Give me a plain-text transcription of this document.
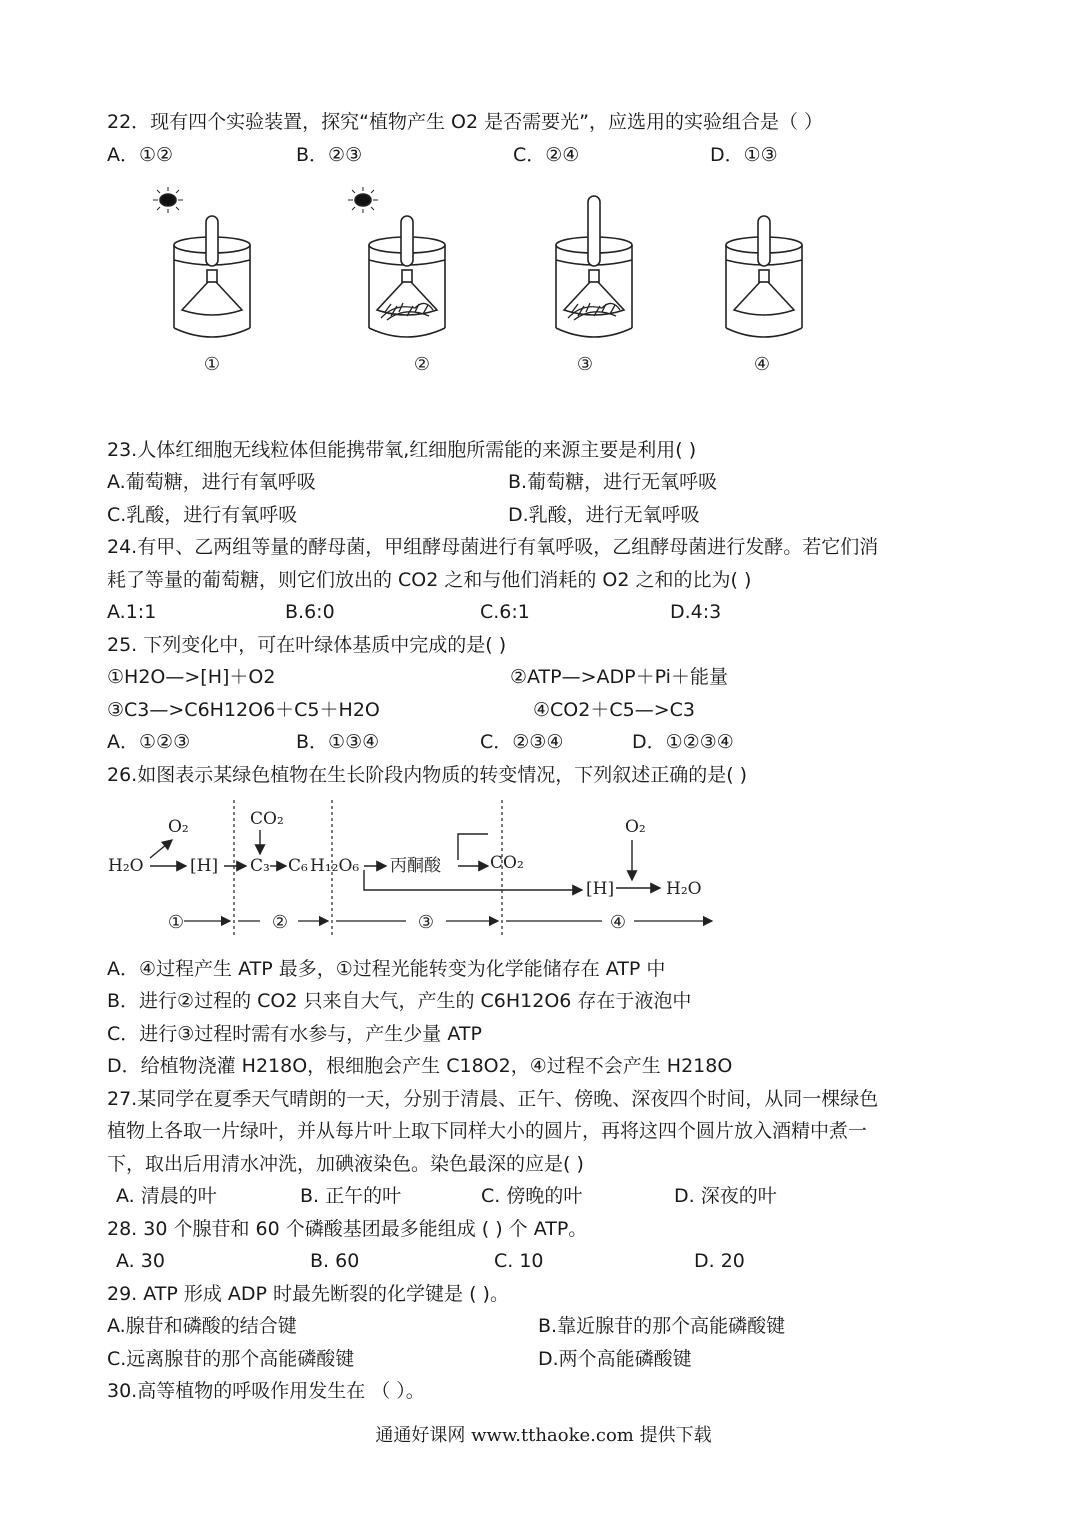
22．现有四个实验装置，探究“植物产生 O2 是否需要光”，应选用的实验组合是（ ）
A．①②	B．②③	C．②④	D．①③
①	②	③	④
23.人体红细胞无线粒体但能携带氧,红细胞所需能的来源主要是利用( )
A.葡萄糖，进行有氧呼吸	B.葡萄糖，进行无氧呼吸
C.乳酸，进行有氧呼吸	D.乳酸，进行无氧呼吸
24.有甲、乙两组等量的酵母菌，甲组酵母菌进行有氧呼吸，乙组酵母菌进行发酵。若它们消
耗了等量的葡萄糖，则它们放出的 CO2 之和与他们消耗的 O2 之和的比为( )
A.1:1	B.6:0	C.6:1	D.4:3
25. 下列变化中，可在叶绿体基质中完成的是( )
①H2O—>[H]＋O2	②ATP—>ADP＋Pi＋能量
③C3—>C6H12O6＋C5＋H2O	④CO2＋C5—>C3
A．①②③	B．①③④	C．②③④	D．①②③④
26.如图表示某绿色植物在生长阶段内物质的转变情况，下列叙述正确的是( )
O₂
H₂O	[H]
CO₂
C₃ C₆ H₁₂O₆ 丙酮酸	CO₂
O₂
[H]	H₂O
①	②	③	④
A．④过程产生 ATP 最多，①过程光能转变为化学能储存在 ATP 中
B．进行②过程的 CO2 只来自大气，产生的 C6H12O6 存在于液泡中
C．进行③过程时需有水参与，产生少量 ATP
D．给植物浇灌 H218O，根细胞会产生 C18O2，④过程不会产生 H218O
27.某同学在夏季天气晴朗的一天，分别于清晨、正午、傍晚、深夜四个时间，从同一棵绿色
植物上各取一片绿叶，并从每片叶上取下同样大小的圆片，再将这四个圆片放入酒精中煮一
下，取出后用清水冲洗，加碘液染色。染色最深的应是( )
A. 清晨的叶	B. 正午的叶	C. 傍晚的叶	D. 深夜的叶
28. 30 个腺苷和 60 个磷酸基团最多能组成 ( ) 个 ATP。
A. 30	B. 60	C. 10	D. 20
29. ATP 形成 ADP 时最先断裂的化学键是 ( )。
A.腺苷和磷酸的结合键	B.靠近腺苷的那个高能磷酸键
C.远离腺苷的那个高能磷酸键	D.两个高能磷酸键
30.高等植物的呼吸作用发生在 （ ）。
通通好课网 www.tthaoke.com 提供下载
